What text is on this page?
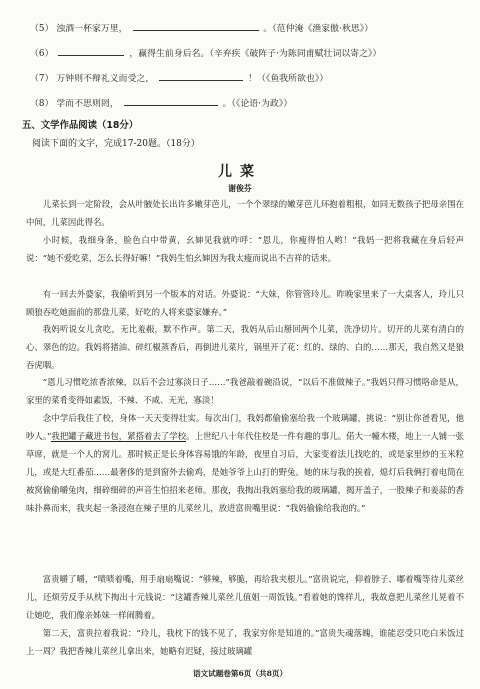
（5） 浊酒一杯家万里，	。（范仲淹《渔家傲·秋思》）
（6）	，赢得生前身后名。（辛弃疾《破阵子·为陈同甫赋壮词以寄之》）
（7） 万钟则不辩礼义而受之，	！（《鱼我所欲也》）
（8） 学而不思则罔，	。（《论语·为政》）
五、文学作品阅读（18分）
阅读下面的文字，完成17-20题。（18分）
儿菜
谢俊芬

儿菜长到一定阶段，会从叶腋处长出许多嫩芽芭儿，一个个翠绿的嫩芽芭儿环抱着粗根，如同无数孩子把母亲围在中间，儿菜因此得名。

小时候，我细身条，脸色白中带黄，幺婶见我就咋呼：“恩儿，你瘦得怕人哟！”我妈一把将我藏在身后轻声说：“她不爱吃菜，怎么长得好嘛！”我妈生怕幺婶因为我太瘦而说出不吉祥的话来。

有一回去外婆家，我偷听到另一个版本的对话。外婆说：“大妹，你管管玲儿。昨晚家里来了一大桌客人，玲儿只顾狼吞吃她面前的那盘儿菜，好吃的人将来婆家嫌弃。”

我妈听说女儿贪吃，无比羞赧，默不作声。第二天，我妈从后山掰回两个儿菜，洗净切片。切开的儿菜有清白的心、翠色的边。我妈将猪油、碎红椒蒸香后，再倒进儿菜片，锅里开了花：红的、绿的、白的……那天，我自然又是狼吞虎咽。

“恩儿习惯吃浓香浓辣，以后不会过寡淡日子……”我爸敲着碗沿说，“以后不准做辣子。”我妈只得习惯咯命是从，家里的菜肴变得如素饭，不辣、不咸、无光，寡淡！

念中学后我住了校，身体一天天变得壮实。每次出门，我妈都偷偷塞给我一个玻璃罐，挑说：“别让你爸看见，他吵人。”我把罐子藏进书包，紧搭着去了学校。上世纪八十年代住校是一件有趣的事儿。偌大一幢木楼，地上一人铺一张草席，就是一个人的窝儿。那时候正是长身体容易饿的年龄，夜里自习后，大家变着法儿找吃的，或是家里炒的玉米粒儿，或是大红番茄……最奢侈的是到窗外去偷鸡，是她爷爷上山打的野兔。她的床与我的挨着，熄灯后我俩打着电筒在被窝偷偷嚼兔肉，细碎细碎的声音生怕招来老师。那夜，我掏出我妈塞给我的玻璃罐，揭开盖子，一股辣子和姜蒜的香味扑鼻而来，我夹起一条浸泡在辣子里的儿菜丝儿，放进富贵嘴里说：“我妈偷偷给我泡的。”

富贵嚼了嚼，“啧啧着嘴，用手扇扇嘴说：“够辣，够脆，再给我夹根儿。”富贵说完，仰着脖子、嘟着嘴等待儿菜丝儿，还烦劳反手从枕下掏出十元钱说：“这罐香辣儿菜丝儿值姐一周饭钱。”看着她的馋样儿，我故意把儿菜丝儿晃着不让她吃，我们像亲姊妹一样闹腾着。

第二天，富贵拉着我说：“玲儿，我枕下的钱不见了，我家穷你是知道的。”富贵失魂落魄，谁能忍受只吃白米饭过上一周？我把香辣儿菜丝儿拿出来，她略有迟疑，接过玻璃罐

语文试题卷第6页（共8页）
